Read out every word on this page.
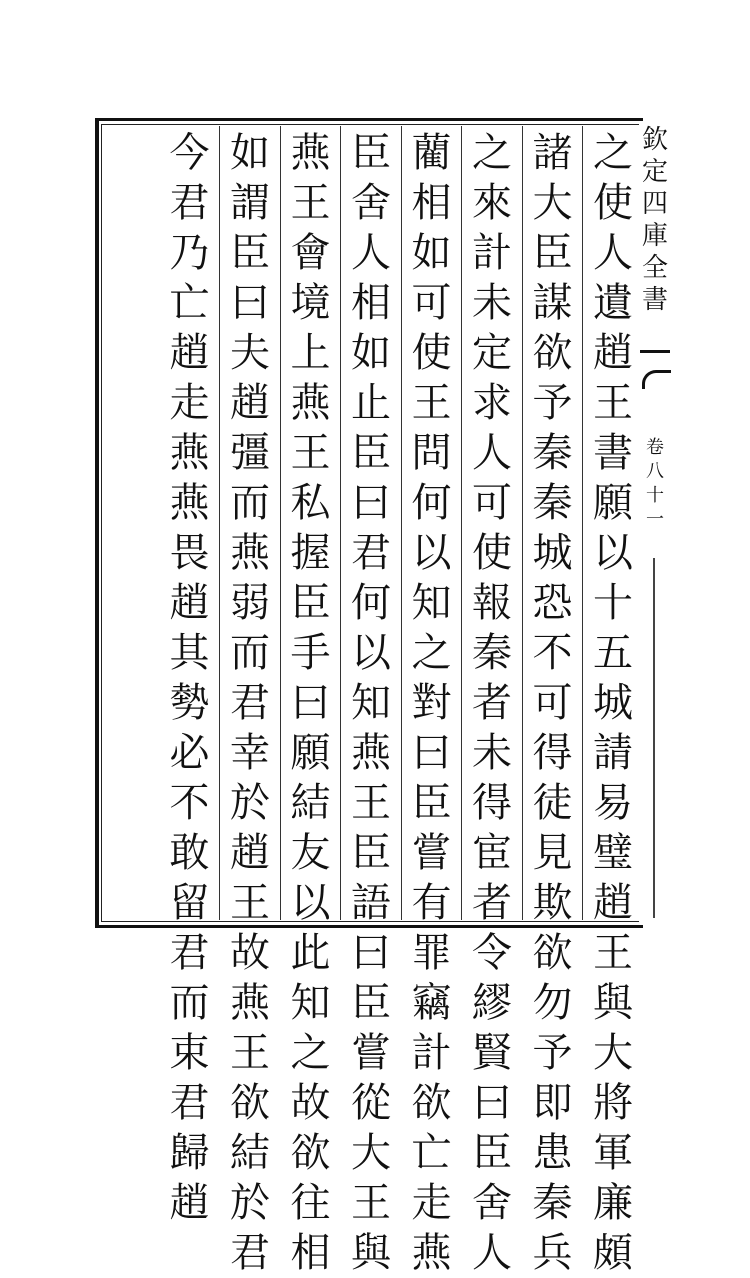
欽
定
四
庫
全
書
卷
八
十
一
之
使
人
遺
趙
王
書
願
以
十
五
城
請
易
璧
趙
王
與
大
將
軍
廉
頗
諸
大
臣
謀
欲
予
秦
秦
城
恐
不
可
得
徒
見
欺
欲
勿
予
即
患
秦
兵
之
來
計
未
定
求
人
可
使
報
秦
者
未
得
宦
者
令
繆
賢
曰
臣
舍
人
藺
相
如
可
使
王
問
何
以
知
之
對
曰
臣
嘗
有
罪
竊
計
欲
亡
走
燕
臣
舍
人
相
如
止
臣
曰
君
何
以
知
燕
王
臣
語
曰
臣
嘗
從
大
王
與
燕
王
會
境
上
燕
王
私
握
臣
手
曰
願
結
友
以
此
知
之
故
欲
往
相
如
謂
臣
曰
夫
趙
彊
而
燕
弱
而
君
幸
於
趙
王
故
燕
王
欲
結
於
君
今
君
乃
亡
趙
走
燕
燕
畏
趙
其
勢
必
不
敢
留
君
而
束
君
歸
趙
